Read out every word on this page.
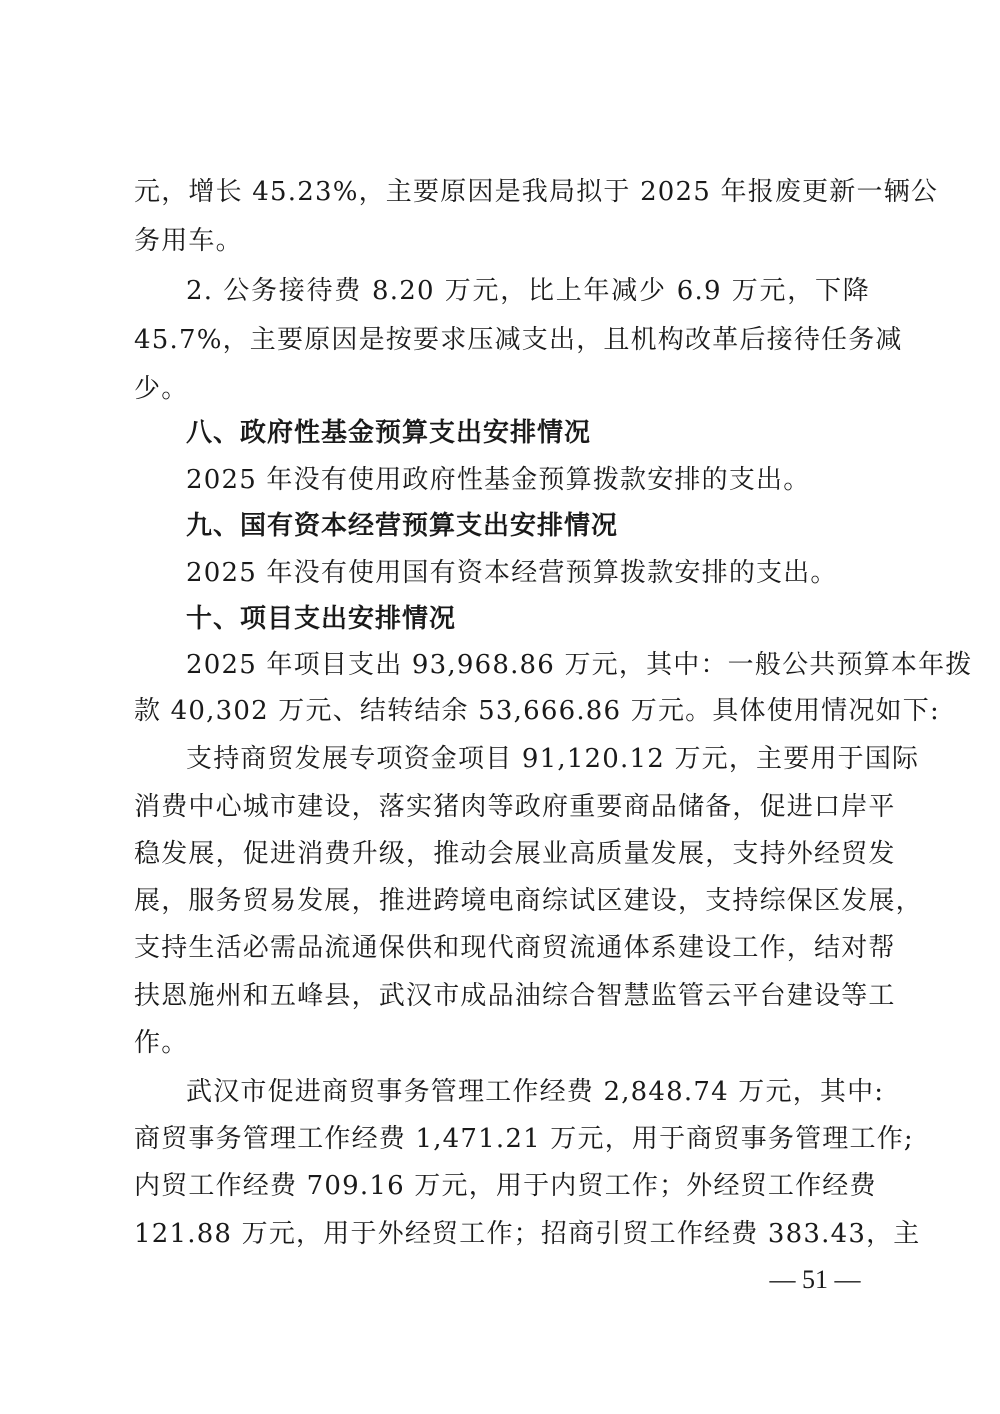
元，增长 45.23%，主要原因是我局拟于 2025 年报废更新一辆公
务用车。
2. 公务接待费 8.20 万元，比上年减少 6.9 万元，下降
45.7%，主要原因是按要求压减支出，且机构改革后接待任务减
少。
八、政府性基金预算支出安排情况
2025 年没有使用政府性基金预算拨款安排的支出。
九、国有资本经营预算支出安排情况
2025 年没有使用国有资本经营预算拨款安排的支出。
十、项目支出安排情况
2025 年项目支出 93,968.86 万元，其中：一般公共预算本年拨
款 40,302 万元、结转结余 53,666.86 万元。具体使用情况如下:
支持商贸发展专项资金项目 91,120.12 万元，主要用于国际
消费中心城市建设，落实猪肉等政府重要商品储备，促进口岸平
稳发展，促进消费升级，推动会展业高质量发展，支持外经贸发
展，服务贸易发展，推进跨境电商综试区建设，支持综保区发展，
支持生活必需品流通保供和现代商贸流通体系建设工作，结对帮
扶恩施州和五峰县，武汉市成品油综合智慧监管云平台建设等工
作。
武汉市促进商贸事务管理工作经费 2,848.74 万元，其中:
商贸事务管理工作经费 1,471.21 万元，用于商贸事务管理工作;
内贸工作经费 709.16 万元，用于内贸工作；外经贸工作经费
121.88 万元，用于外经贸工作；招商引贸工作经费 383.43，主
— 51 —
